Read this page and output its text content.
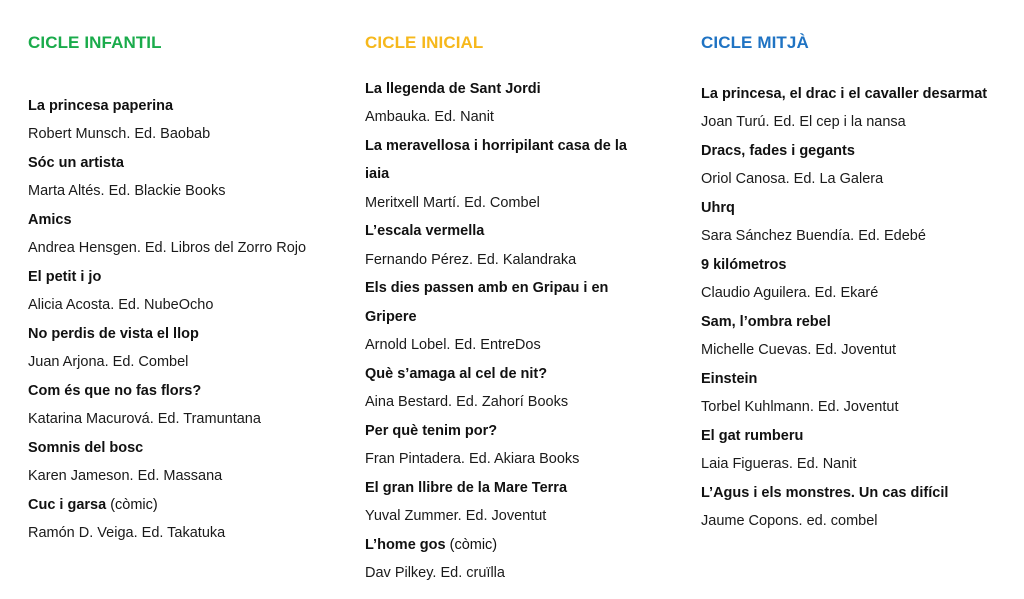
CICLE INFANTIL
La princesa paperina
Robert Munsch. Ed. Baobab
Sóc un artista
Marta Altés. Ed. Blackie Books
Amics
Andrea Hensgen. Ed. Libros del Zorro Rojo
El petit i jo
Alicia Acosta. Ed. NubeOcho
No perdis de vista el llop
Juan Arjona. Ed. Combel
Com és que no fas flors?
Katarina Macurová. Ed. Tramuntana
Somnis del bosc
Karen Jameson. Ed. Massana
Cuc i garsa (còmic)
Ramón D. Veiga. Ed. Takatuka
CICLE INICIAL
La llegenda de Sant Jordi
Ambauka. Ed. Nanit
La meravellosa i horripilant casa de la iaia
Meritxell Martí. Ed. Combel
L’escala vermella
Fernando Pérez. Ed. Kalandraka
Els dies passen amb en Gripau i en Gripere
Arnold Lobel. Ed. EntreDos
Què s’amaga al cel de nit?
Aina Bestard. Ed. Zahorí Books
Per què tenim por?
Fran Pintadera. Ed. Akiara Books
El gran llibre de la Mare Terra
Yuval Zummer. Ed. Joventut
L’home gos (còmic)
Dav Pilkey. Ed. cruïlla
CICLE MITJÀ
La princesa, el drac i el cavaller desarmat
Joan Turú. Ed. El cep i la nansa
Dracs, fades i gegants
Oriol Canosa. Ed. La Galera
Uhrq
Sara Sánchez Buendía. Ed. Edebé
9 kilómetros
Claudio Aguilera. Ed. Ekaré
Sam, l’ombra rebel
Michelle Cuevas. Ed. Joventut
Einstein
Torbel Kuhlmann. Ed. Joventut
El gat rumberu
Laia Figueras. Ed. Nanit
L’Agus i els monstres. Un cas difícil
Jaume Copons. ed. combel
